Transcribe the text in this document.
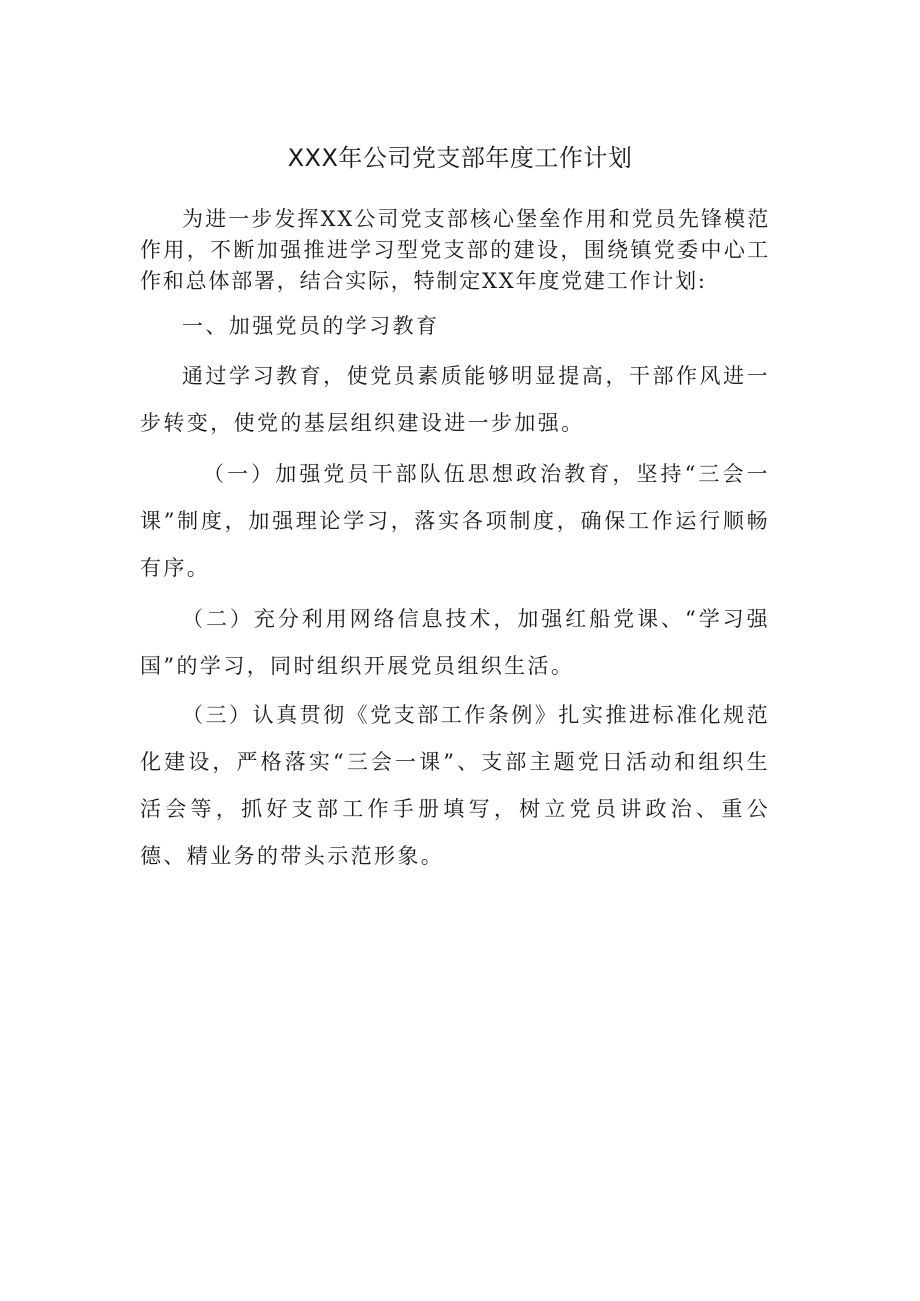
XXX年公司党支部年度工作计划

为进一步发挥XX公司党支部核心堡垒作用和党员先锋模范作用，不断加强推进学习型党支部的建设，围绕镇党委中心工作和总体部署，结合实际，特制定XX年度党建工作计划:

一、加强党员的学习教育

通过学习教育，使党员素质能够明显提高，干部作风进一步转变，使党的基层组织建设进一步加强。

（一）加强党员干部队伍思想政治教育，坚持“三会一课”制度，加强理论学习，落实各项制度，确保工作运行顺畅有序。

（二）充分利用网络信息技术，加强红船党课、“学习强国”的学习，同时组织开展党员组织生活。

（三）认真贯彻《党支部工作条例》扎实推进标准化规范化建设，严格落实“三会一课”、支部主题党日活动和组织生活会等，抓好支部工作手册填写，树立党员讲政治、重公德、精业务的带头示范形象。
